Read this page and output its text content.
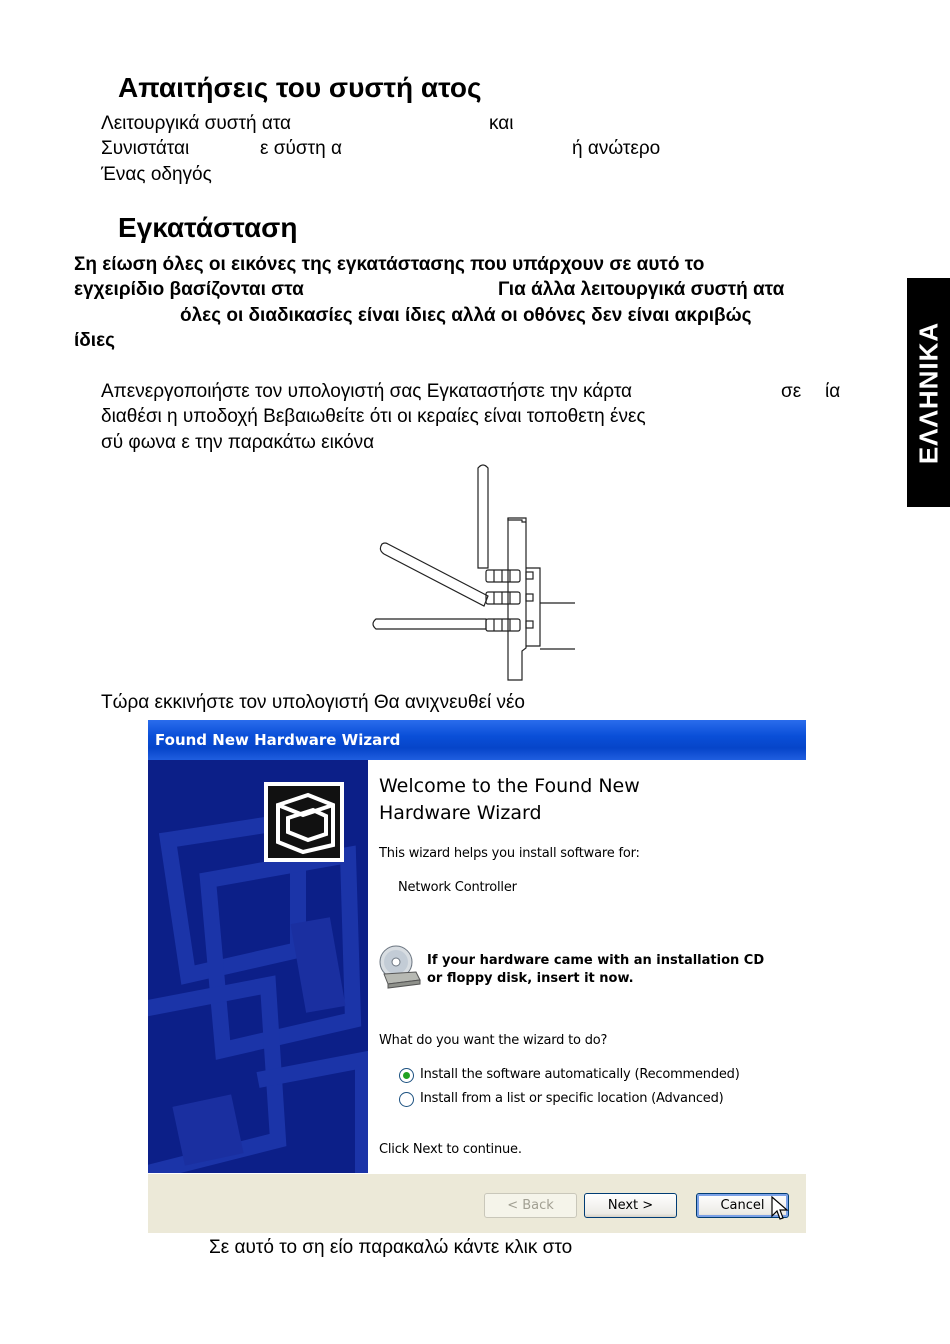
Απαιτήσεις του συστή ατος
Λειτουργικά συστή ατα	και
Συνιστάται	ε σύστη α	ή ανώτερο
Ένας οδηγός
Εγκατάσταση
Ση είωση όλες οι εικόνες της εγκατάστασης που υπάρχουν σε αυτό το
εγχειρίδιο βασίζονται στα	Για άλλα λειτουργικά συστή ατα
όλες οι διαδικασίες είναι ίδιες αλλά οι οθόνες δεν είναι ακριβώς
ίδιες
Απενεργοποιήστε τον υπολογιστή σας Εγκαταστήστε την κάρτα	σε ία
διαθέσι η υποδοχή Βεβαιωθείτε ότι οι κεραίες είναι τοποθετη ένες
σύ φωνα ε την παρακάτω εικόνα
Τώρα εκκινήστε τον υπολογιστή Θα ανιχνευθεί νέο
Found New Hardware Wizard
Welcome to the Found New
Hardware Wizard
This wizard helps you install software for:
Network Controller
If your hardware came with an installation CD
or floppy disk, insert it now.
What do you want the wizard to do?
Install the software automatically (Recommended)
Install from a list or specific location (Advanced)
Click Next to continue.
< Back	Next >	Cancel
Σε αυτό το ση είο παρακαλώ κάντε κλικ στο
ΕΛΛΗΝΙΚΑ
